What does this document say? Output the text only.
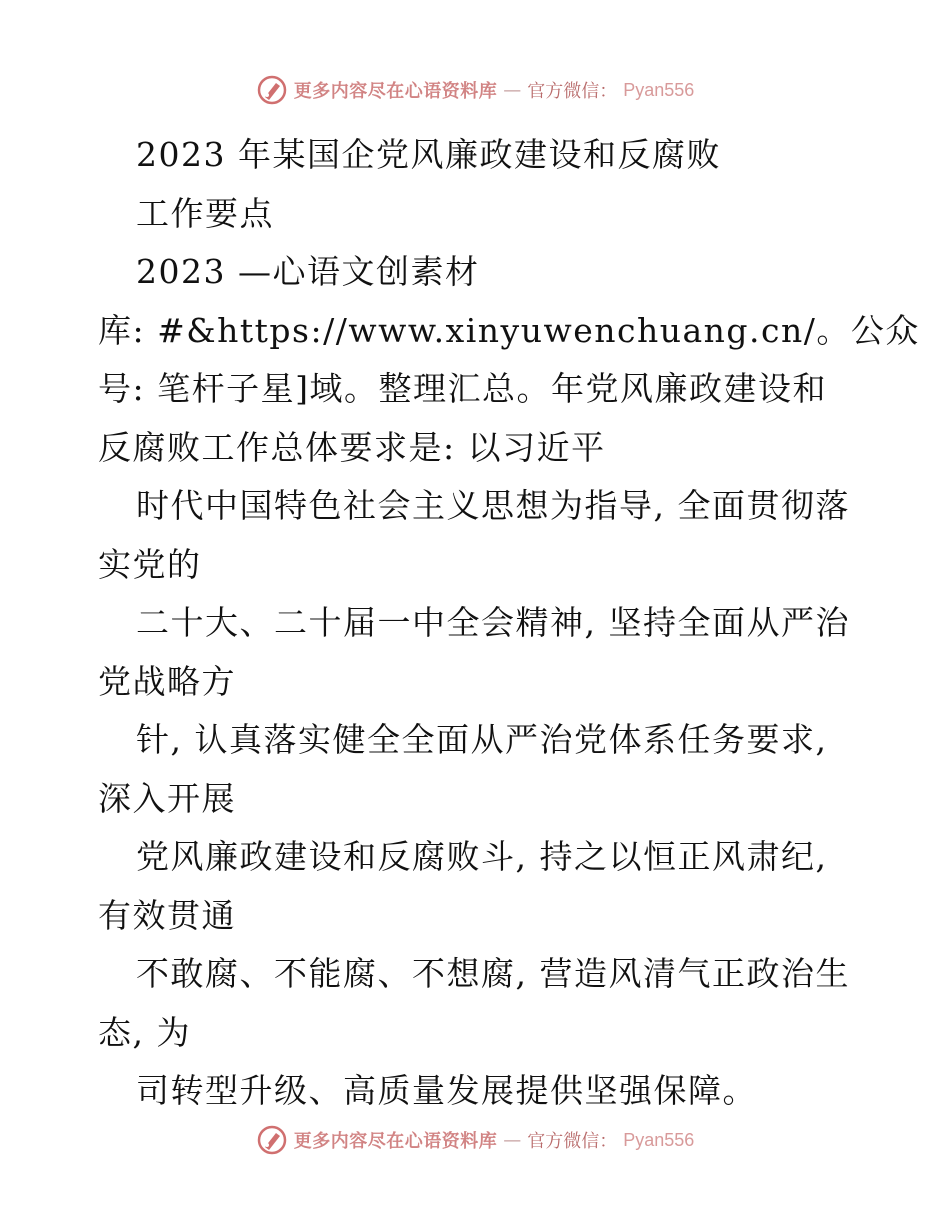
更多内容尽在心语资料库 — 官方微信： Pyan556
2023 年某国企党风廉政建设和反腐败
工作要点
2023 —心语文创素材
库: #&https://www.xinyuwenchuang.cn/。公众
号: 笔杆子星]域。整理汇总。年党风廉政建设和
反腐败工作总体要求是: 以习近平
时代中国特色社会主义思想为指导, 全面贯彻落
实党的
二十大、二十届一中全会精神, 坚持全面从严治
党战略方
针, 认真落实健全全面从严治党体系任务要求,
深入开展
党风廉政建设和反腐败斗, 持之以恒正风肃纪,
有效贯通
不敢腐、不能腐、不想腐, 营造风清气正政治生
态, 为
司转型升级、高质量发展提供坚强保障。
更多内容尽在心语资料库 — 官方微信： Pyan556
